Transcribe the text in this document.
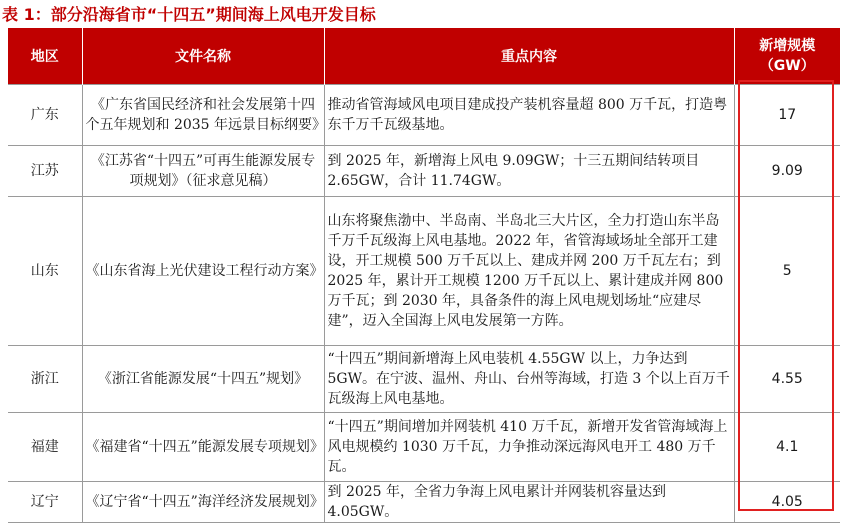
表 1：部分沿海省市“十四五”期间海上风电开发目标
地区	文件名称	重点内容	新增规模
（GW）
广东	《广东省国民经济和社会发展第十四个五年规划和 2035 年远景目标纲要》	推动省管海域风电项目建成投产装机容量超 800 万千瓦，打造粤东千万千瓦级基地。	17
江苏	《江苏省“十四五”可再生能源发展专项规划》（征求意见稿）	到 2025 年，新增海上风电 9.09GW；十三五期间结转项目 2.65GW，合计 11.74GW。	9.09
山东	《山东省海上光伏建设工程行动方案》	山东将聚焦渤中、半岛南、半岛北三大片区，全力打造山东半岛千万千瓦级海上风电基地。2022 年，省管海域场址全部开工建设，开工规模 500 万千瓦以上、建成并网 200 万千瓦左右；到 2025 年，累计开工规模 1200 万千瓦以上、累计建成并网 800 万千瓦；到 2030 年，具备条件的海上风电规划场址“应建尽建”，迈入全国海上风电发展第一方阵。	5
浙江	《浙江省能源发展“十四五”规划》	“十四五”期间新增海上风电装机 4.55GW 以上，力争达到 5GW。在宁波、温州、舟山、台州等海域，打造 3 个以上百万千瓦级海上风电基地。	4.55
福建	《福建省“十四五”能源发展专项规划》	“十四五”期间增加并网装机 410 万千瓦，新增开发省管海域海上风电规模约 1030 万千瓦，力争推动深远海风电开工 480 万千瓦。	4.1
辽宁	《辽宁省“十四五”海洋经济发展规划》	到 2025 年，全省力争海上风电累计并网装机容量达到 4.05GW。	4.05
